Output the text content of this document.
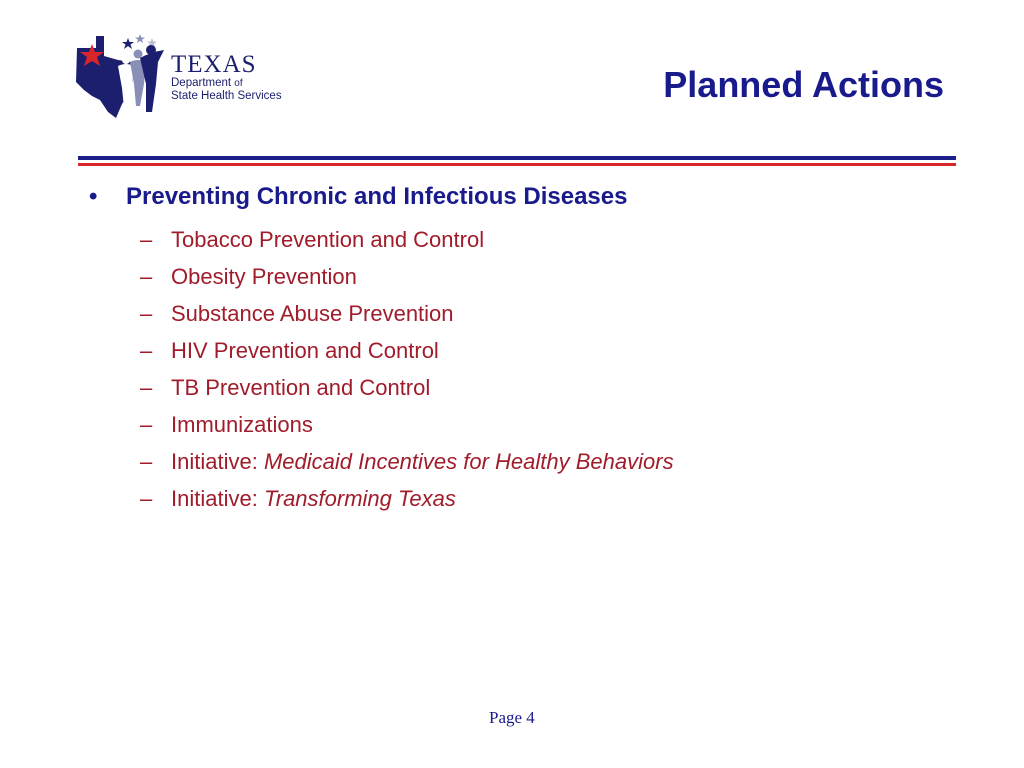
TEXAS
Department of
State Health Services	Planned Actions
• Preventing Chronic and Infectious Diseases
– Tobacco Prevention and Control
– Obesity Prevention
– Substance Abuse Prevention
– HIV Prevention and Control
– TB Prevention and Control
– Immunizations
– Initiative: Medicaid Incentives for Healthy Behaviors
– Initiative: Transforming Texas
Page 4
